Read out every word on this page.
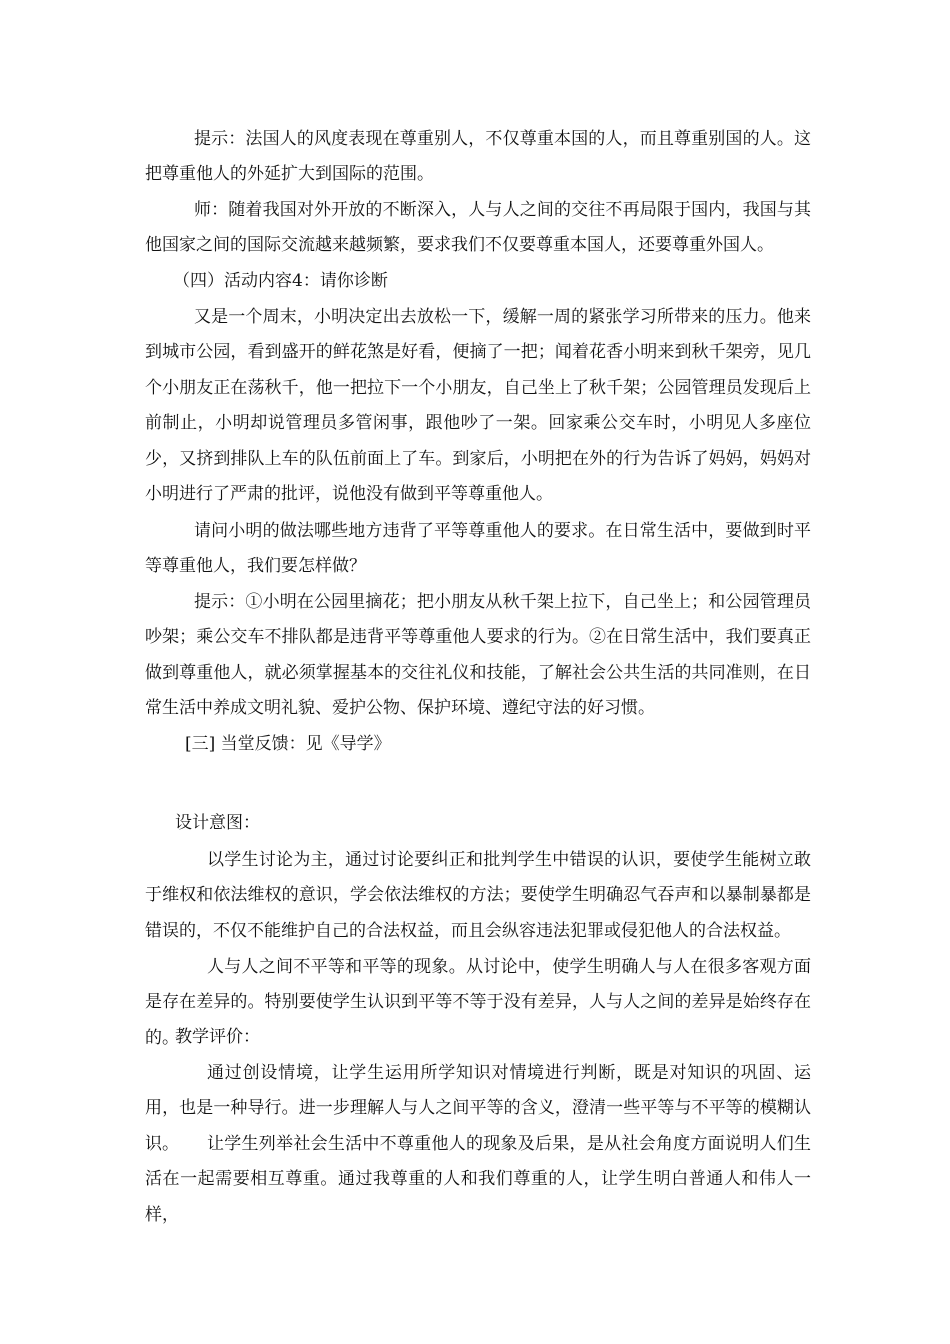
提示：法国人的风度表现在尊重别人，不仅尊重本国的人，而且尊重别国的人。这把尊重他人的外延扩大到国际的范围。

师：随着我国对外开放的不断深入，人与人之间的交往不再局限于国内，我国与其他国家之间的国际交流越来越频繁，要求我们不仅要尊重本国人，还要尊重外国人。

（四）活动内容4：请你诊断

又是一个周末，小明决定出去放松一下，缓解一周的紧张学习所带来的压力。他来到城市公园，看到盛开的鲜花煞是好看，便摘了一把；闻着花香小明来到秋千架旁，见几个小朋友正在荡秋千，他一把拉下一个小朋友，自己坐上了秋千架；公园管理员发现后上前制止，小明却说管理员多管闲事，跟他吵了一架。回家乘公交车时，小明见人多座位少，又挤到排队上车的队伍前面上了车。到家后，小明把在外的行为告诉了妈妈，妈妈对小明进行了严肃的批评，说他没有做到平等尊重他人。

请问小明的做法哪些地方违背了平等尊重他人的要求。在日常生活中，要做到时平等尊重他人，我们要怎样做？

提示：①小明在公园里摘花；把小朋友从秋千架上拉下，自己坐上；和公园管理员吵架；乘公交车不排队都是违背平等尊重他人要求的行为。②在日常生活中，我们要真正做到尊重他人，就必须掌握基本的交往礼仪和技能，了解社会公共生活的共同准则，在日常生活中养成文明礼貌、爱护公物、保护环境、遵纪守法的好习惯。

[三] 当堂反馈：见《导学》

设计意图：

以学生讨论为主，通过讨论要纠正和批判学生中错误的认识，要使学生能树立敢于维权和依法维权的意识，学会依法维权的方法；要使学生明确忍气吞声和以暴制暴都是错误的，不仅不能维护自己的合法权益，而且会纵容违法犯罪或侵犯他人的合法权益。

人与人之间不平等和平等的现象。从讨论中，使学生明确人与人在很多客观方面是存在差异的。特别要使学生认识到平等不等于没有差异，人与人之间的差异是始终存在的。

教学评价：

通过创设情境，让学生运用所学知识对情境进行判断，既是对知识的巩固、运用，也是一种导行。进一步理解人与人之间平等的含义，澄清一些平等与不平等的模糊认识。	让学生列举社会生活中不尊重他人的现象及后果，是从社会角度方面说明人们生活在一起需要相互尊重。通过我尊重的人和我们尊重的人，让学生明白普通人和伟人一样，
